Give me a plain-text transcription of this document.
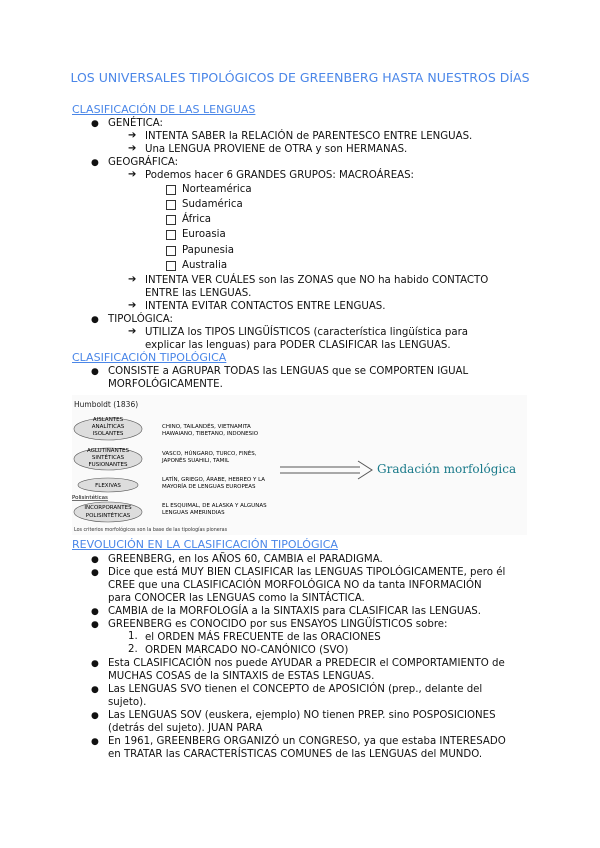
LOS UNIVERSALES TIPOLÓGICOS DE GREENBERG HASTA NUESTROS DÍAS
CLASIFICACIÓN DE LAS LENGUAS
● GENÉTICA:
➔ INTENTA SABER la RELACIÓN de PARENTESCO ENTRE LENGUAS.
➔ Una LENGUA PROVIENE de OTRA y son HERMANAS.
● GEOGRÁFICA:
➔ Podemos hacer 6 GRANDES GRUPOS: MACROÁREAS:
Norteamérica
Sudamérica
África
Euroasia
Papunesia
Australia
➔ INTENTA VER CUÁLES son las ZONAS que NO ha habido CONTACTO
ENTRE las LENGUAS.
➔ INTENTA EVITAR CONTACTOS ENTRE LENGUAS.
● TIPOLÓGICA:
➔ UTILIZA los TIPOS LINGÜÍSTICOS (característica lingüística para
explicar las lenguas) para PODER CLASIFICAR las LENGUAS.
CLASIFICACIÓN TIPOLÓGICA
● CONSISTE a AGRUPAR TODAS las LENGUAS que se COMPORTEN IGUAL
MORFOLÓGICAMENTE.
Humboldt (1836)
AISLANTES
ANALÍTICAS
ISOLANTES
AGLUTINANTES
SINTÉTICAS
FUSIONANTES
FLEXIVAS
Polisintéticas
INCORPORANTES
POLISINTÉTICAS
CHINO, TAILANDÉS, VIETNAMITA
HAWAIANO, TIBETANO, INDONESIO
VASCO, HÚNGARO, TURCO, FINÉS,
JAPONÉS SUAHILI, TAMIL
LATÍN, GRIEGO, ÁRABE, HEBREO Y LA
MAYORÍA DE LENGUAS EUROPEAS
EL ESQUIMAL, DE ALASKA Y ALGUNAS
LENGUAS AMERINDIAS
Gradación morfológica
Los criterios morfológicos son la base de las tipologías pioneras
REVOLUCIÓN EN LA CLASIFICACIÓN TIPOLÓGICA
● GREENBERG, en los AÑOS 60, CAMBIA el PARADIGMA.
● Dice que está MUY BIEN CLASIFICAR las LENGUAS TIPOLÓGICAMENTE, pero él
CREE que una CLASIFICACIÓN MORFOLÓGICA NO da tanta INFORMACIÓN
para CONOCER las LENGUAS como la SINTÁCTICA.
● CAMBIA de la MORFOLOGÍA a la SINTAXIS para CLASIFICAR las LENGUAS.
● GREENBERG es CONOCIDO por sus ENSAYOS LINGÜÍSTICOS sobre:
1. el ORDEN MÁS FRECUENTE de las ORACIONES
2. ORDEN MARCADO NO-CANÓNICO (SVO)
● Esta CLASIFICACIÓN nos puede AYUDAR a PREDECIR el COMPORTAMIENTO de
MUCHAS COSAS de la SINTAXIS de ESTAS LENGUAS.
● Las LENGUAS SVO tienen el CONCEPTO de APOSICIÓN (prep., delante del
sujeto).
● Las LENGUAS SOV (euskera, ejemplo) NO tienen PREP. sino POSPOSICIONES
(detrás del sujeto). JUAN PARA
● En 1961, GREENBERG ORGANIZÓ un CONGRESO, ya que estaba INTERESADO
en TRATAR las CARACTERÍSTICAS COMUNES de las LENGUAS del MUNDO.
